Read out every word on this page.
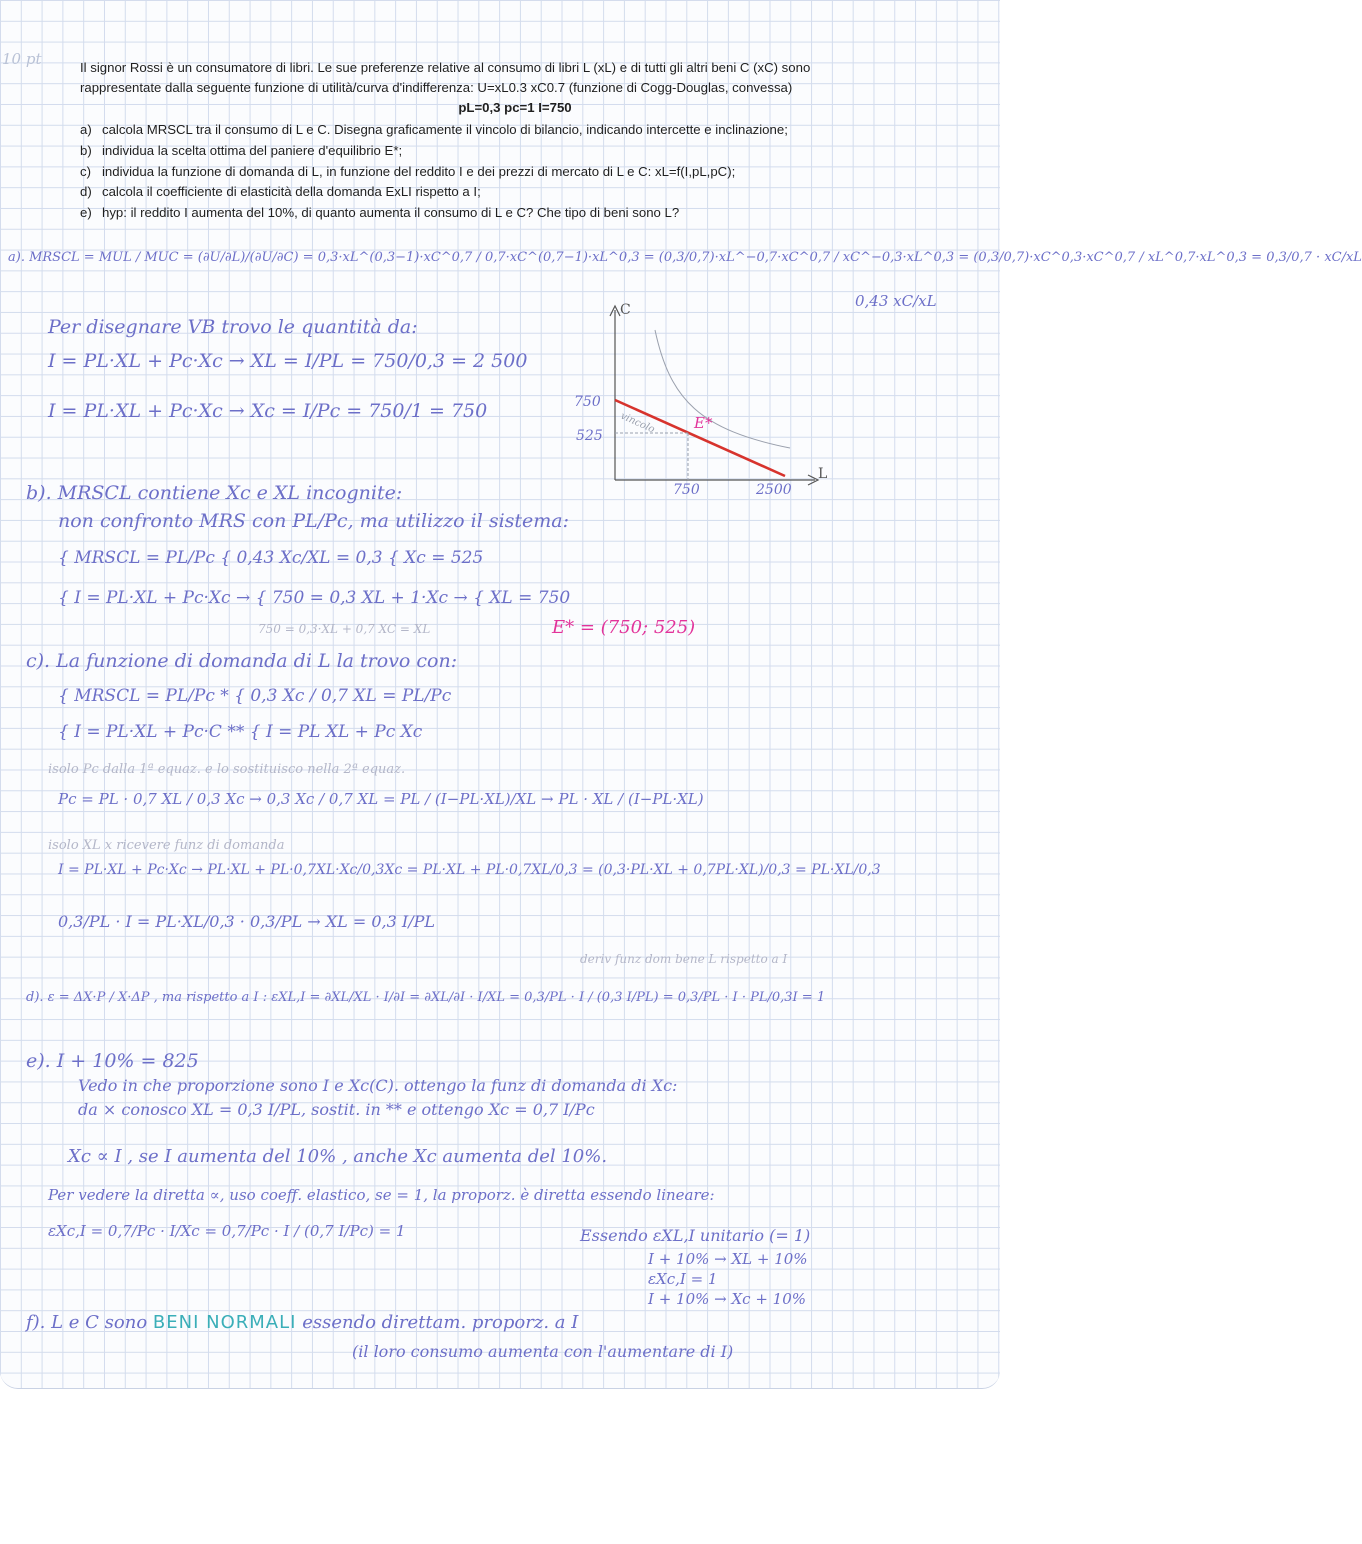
10 pt	Il signor Rossi è un consumatore di libri. Le sue preferenze relative al consumo di libri L (xL) e di tutti gli altri beni C (xC) sono

rappresentate dalla seguente funzione di utilità/curva d'indifferenza: U=xL0.3 xC0.7 (funzione di Cogg-Douglas, convessa)

pL=0,3 pc=1 I=750

a) calcola MRSCL tra il consumo di L e C. Disegna graficamente il vincolo di bilancio, indicando intercette e inclinazione;
b) individua la scelta ottima del paniere d'equilibrio E*;
c) individua la funzione di domanda di L, in funzione del reddito I e dei prezzi di mercato di L e C: xL=f(I,pL,pC);
d) calcola il coefficiente di elasticità della domanda ExLI rispetto a I;
e) hyp: il reddito I aumenta del 10%, di quanto aumenta il consumo di L e C? Che tipo di beni sono L?
a). MRSCL = MUL / MUC = (∂U/∂L)/(∂U/∂C) = 0,3·xL^(0,3−1)·xC^0,7 / 0,7·xC^(0,7−1)·xL^0,3 = (0,3/0,7)·xL^−0,7·xC^0,7 / xC^−0,3·xL^0,3 = (0,3/0,7)·xC^0,3·xC^0,7 / xL^0,7·xL^0,3 = 0,3/0,7 · xC/xL
0,43 xC/xL
Per disegnare VB trovo le quantità da:
I = PL·XL + Pc·Xc → XL = I/PL = 750/0,3 = 2 500
I = PL·XL + Pc·Xc → Xc = I/Pc = 750/1 = 750
C
L
750
525
750	2500
vincolo	E*
b). MRSCL contiene Xc e XL incognite:
non confronto MRS con PL/Pc, ma utilizzo il sistema:
{ MRSCL = PL/Pc { 0,43 Xc/XL = 0,3 { Xc = 525
{ I = PL·XL + Pc·Xc → { 750 = 0,3 XL + 1·Xc → { XL = 750
750 = 0,3·XL + 0,7 XC = XL	E* = (750; 525)
c). La funzione di domanda di L la trovo con:
{ MRSCL = PL/Pc * { 0,3 Xc / 0,7 XL = PL/Pc
{ I = PL·XL + Pc·C ** { I = PL XL + Pc Xc
isolo Pc dalla 1ª equaz. e lo sostituisco nella 2ª equaz.
Pc = PL · 0,7 XL / 0,3 Xc → 0,3 Xc / 0,7 XL = PL / (I−PL·XL)/XL → PL · XL / (I−PL·XL)
isolo XL x ricevere funz di domanda
I = PL·XL + Pc·Xc → PL·XL + PL·0,7XL·Xc/0,3Xc = PL·XL + PL·0,7XL/0,3 = (0,3·PL·XL + 0,7PL·XL)/0,3 = PL·XL/0,3
0,3/PL · I = PL·XL/0,3 · 0,3/PL → XL = 0,3 I/PL
deriv funz dom bene L rispetto a I
d). ε = ΔX·P / X·ΔP , ma rispetto a I : εXL,I = ∂XL/XL · I/∂I = ∂XL/∂I · I/XL = 0,3/PL · I / (0,3 I/PL) = 0,3/PL · I · PL/0,3I = 1
e). I + 10% = 825
Vedo in che proporzione sono I e Xc(C). ottengo la funz di domanda di Xc:
da × conosco XL = 0,3 I/PL, sostit. in ** e ottengo Xc = 0,7 I/Pc
Xc ∝ I , se I aumenta del 10% , anche Xc aumenta del 10%.
Per vedere la diretta ∝, uso coeff. elastico, se = 1, la proporz. è diretta essendo lineare:
εXc,I = 0,7/Pc · I/Xc = 0,7/Pc · I / (0,7 I/Pc) = 1	Essendo εXL,I unitario (= 1)
I + 10% → XL + 10%
εXc,I = 1
I + 10% → Xc + 10%
f). L e C sono BENI NORMALI essendo direttam. proporz. a I
(il loro consumo aumenta con l'aumentare di I)
